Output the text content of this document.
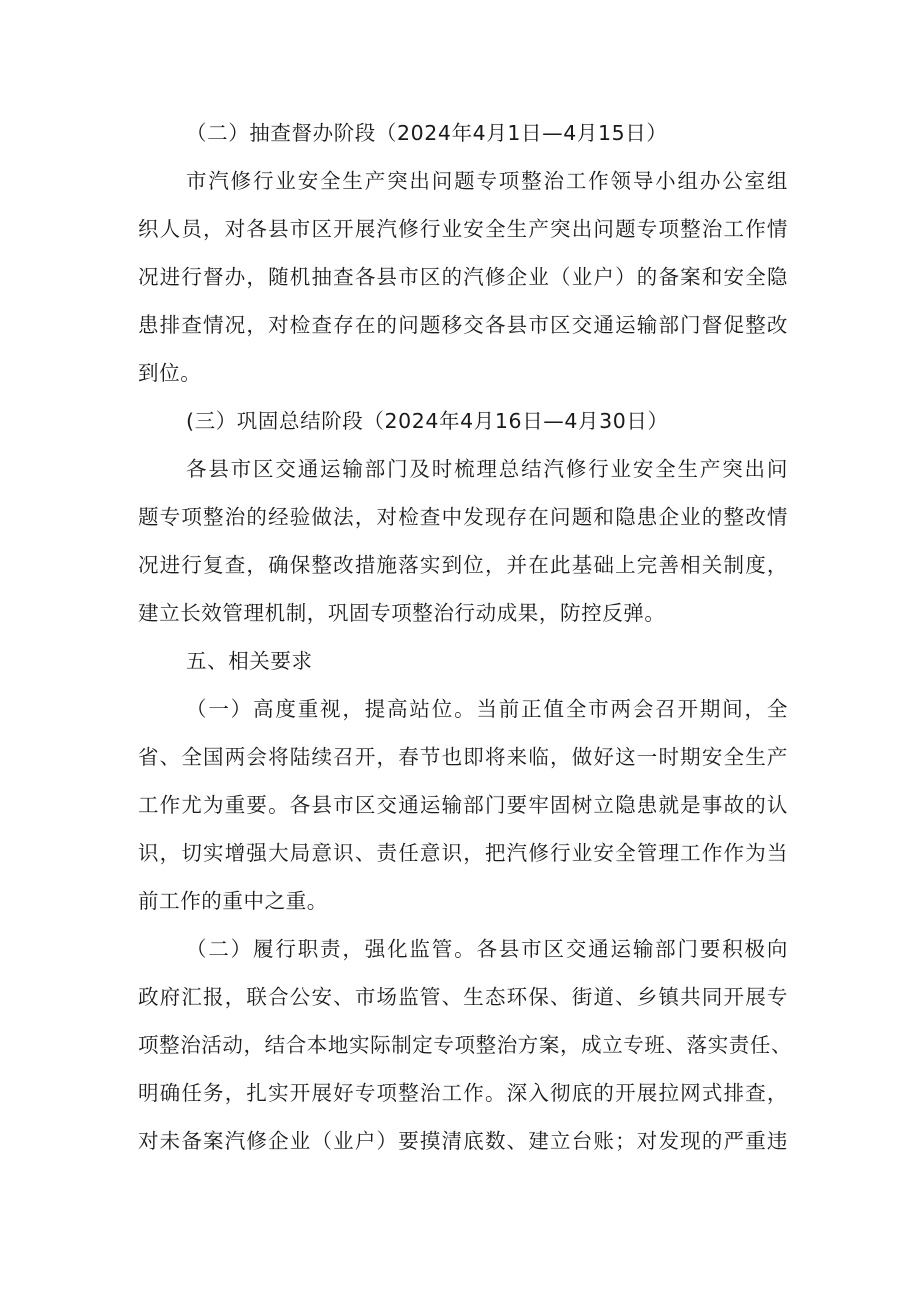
（二）抽查督办阶段（2024年4月1日—4月15日）
市汽修行业安全生产突出问题专项整治工作领导小组办公室组
织人员，对各县市区开展汽修行业安全生产突出问题专项整治工作情
况进行督办，随机抽查各县市区的汽修企业（业户）的备案和安全隐
患排查情况，对检查存在的问题移交各县市区交通运输部门督促整改
到位。
(三）巩固总结阶段（2024年4月16日—4月30日）
各县市区交通运输部门及时梳理总结汽修行业安全生产突出问
题专项整治的经验做法，对检查中发现存在问题和隐患企业的整改情
况进行复查，确保整改措施落实到位，并在此基础上完善相关制度，
建立长效管理机制，巩固专项整治行动成果，防控反弹。
五、相关要求
（一）高度重视，提高站位。当前正值全市两会召开期间，全
省、全国两会将陆续召开，春节也即将来临，做好这一时期安全生产
工作尤为重要。各县市区交通运输部门要牢固树立隐患就是事故的认
识，切实增强大局意识、责任意识，把汽修行业安全管理工作作为当
前工作的重中之重。
（二）履行职责，强化监管。各县市区交通运输部门要积极向
政府汇报，联合公安、市场监管、生态环保、街道、乡镇共同开展专
项整治活动，结合本地实际制定专项整治方案，成立专班、落实责任、
明确任务，扎实开展好专项整治工作。深入彻底的开展拉网式排查，
对未备案汽修企业（业户）要摸清底数、建立台账；对发现的严重违
